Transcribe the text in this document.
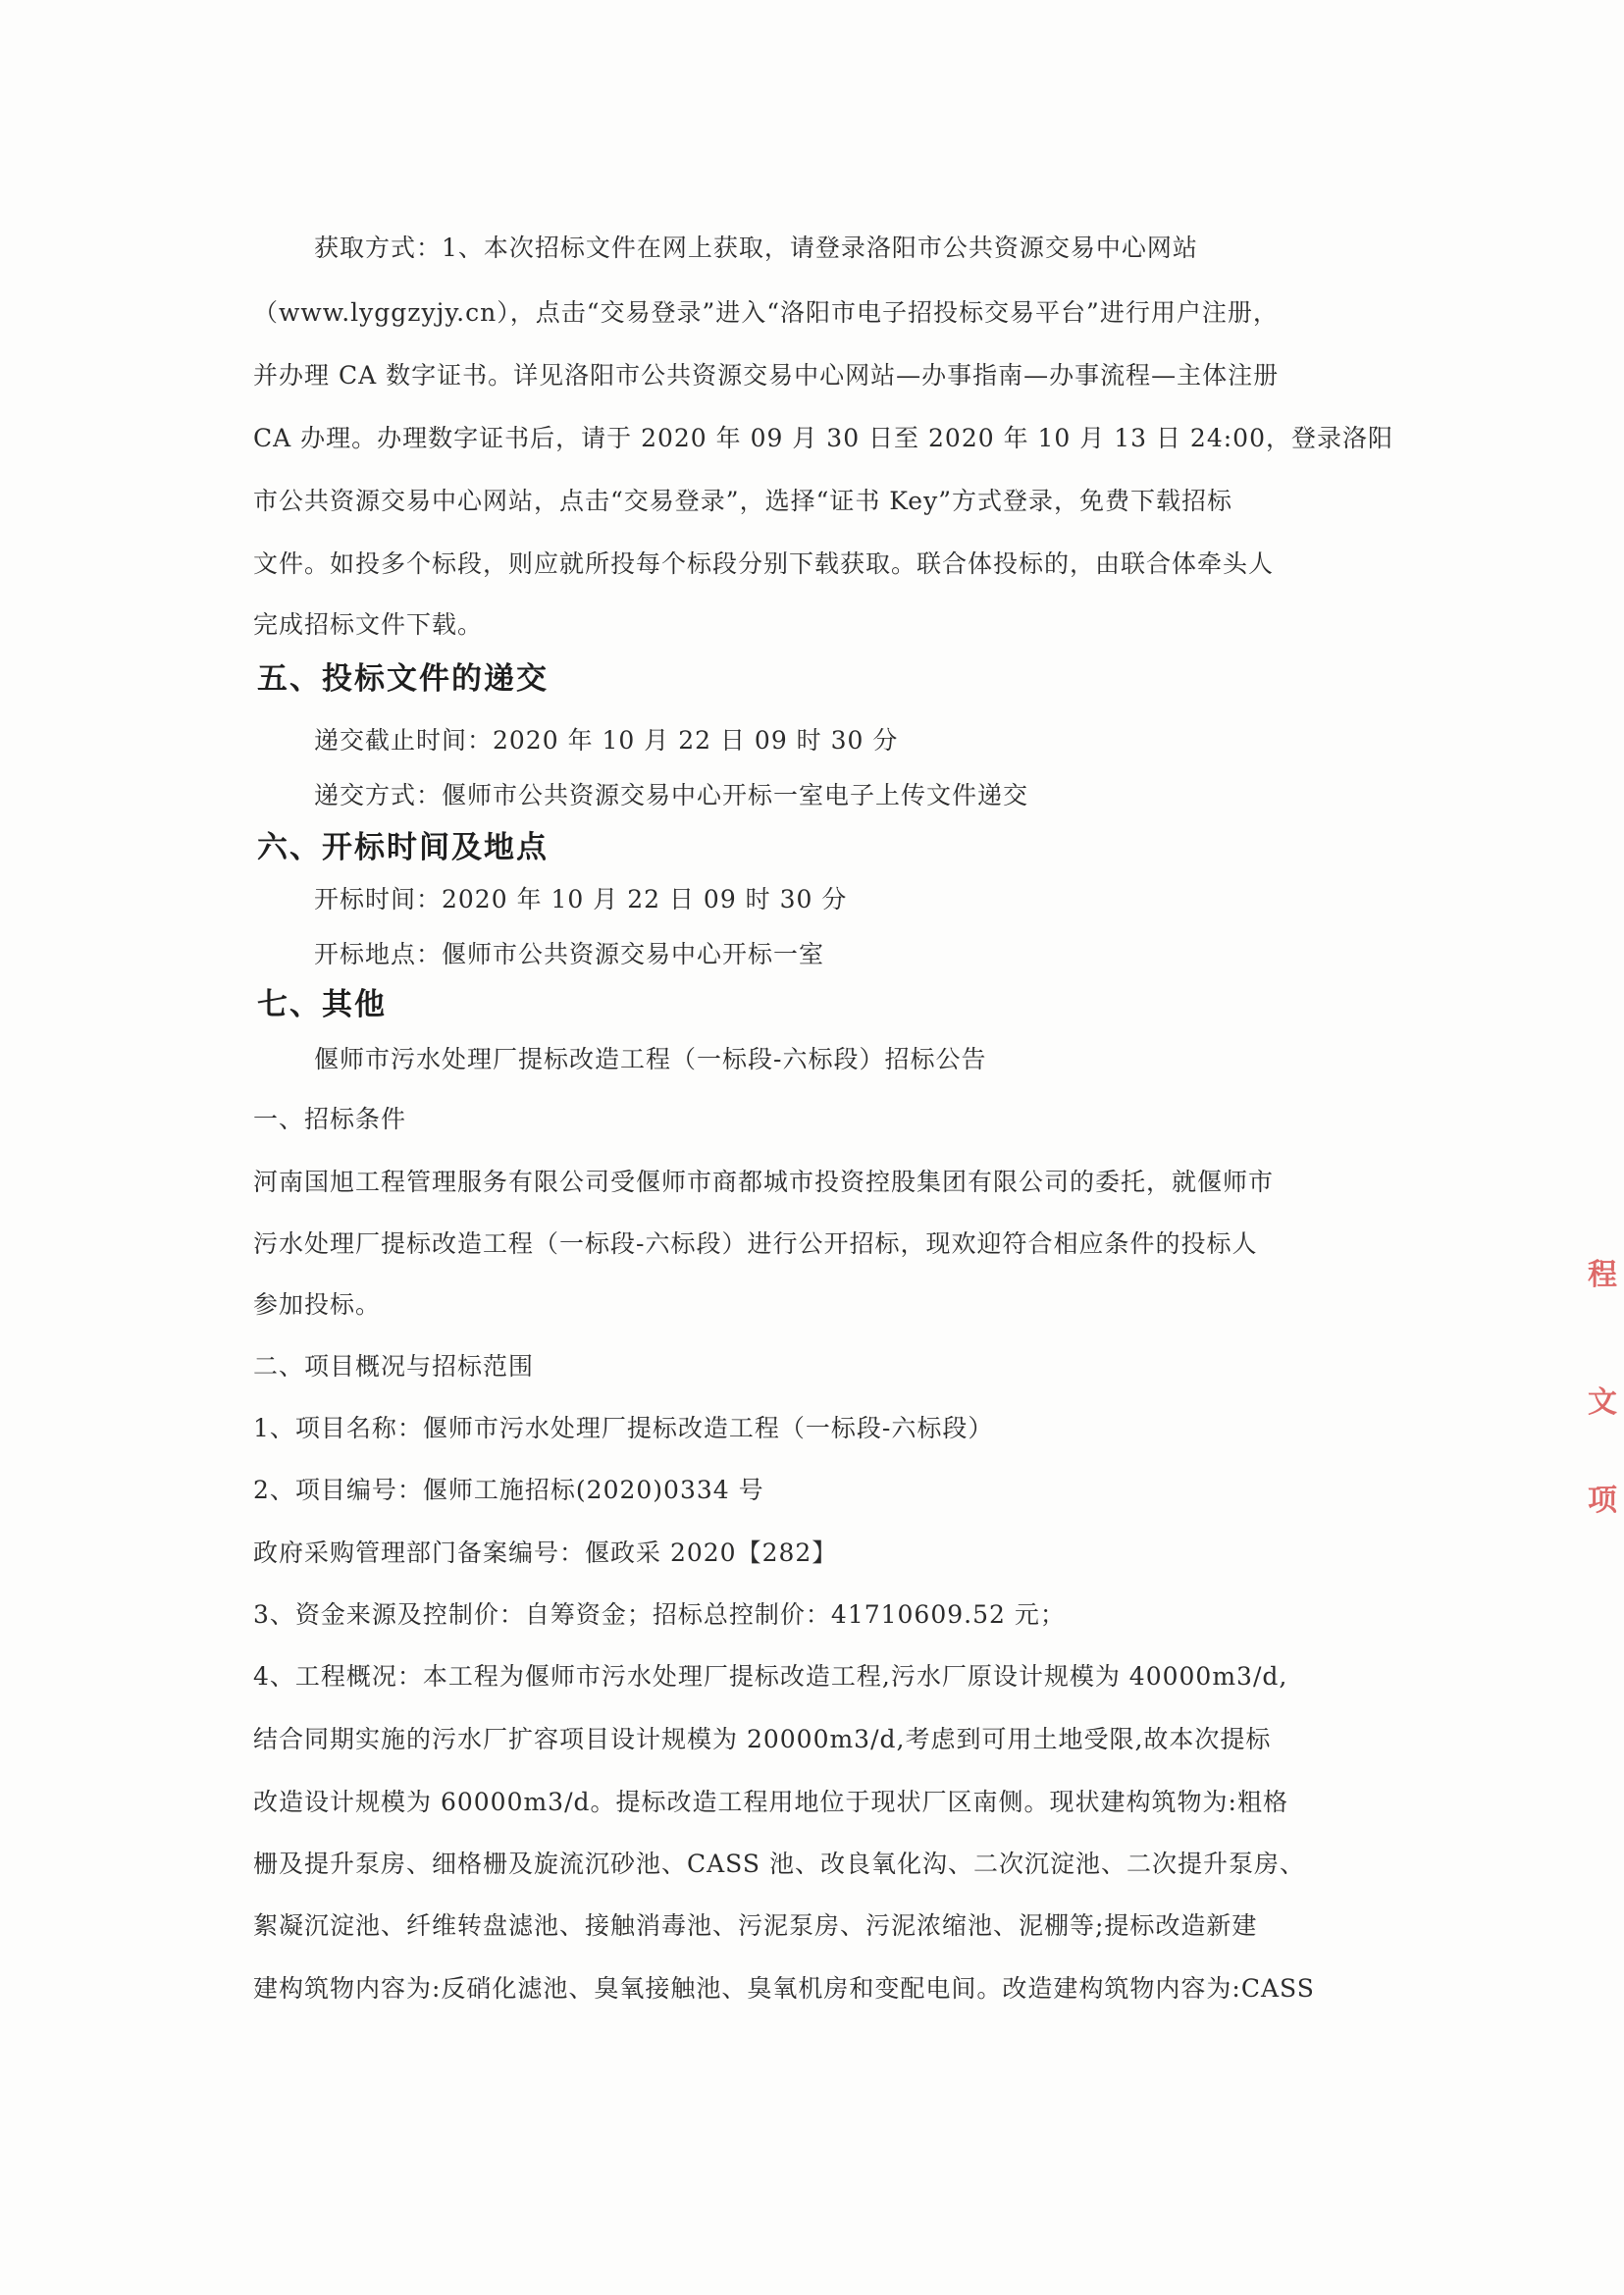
获取方式：1、本次招标文件在网上获取，请登录洛阳市公共资源交易中心网站
（www.lyggzyjy.cn），点击“交易登录”进入“洛阳市电子招投标交易平台”进行用户注册，
并办理 CA 数字证书。详见洛阳市公共资源交易中心网站—办事指南—办事流程—主体注册
CA 办理。办理数字证书后，请于 2020 年 09 月 30 日至 2020 年 10 月 13 日 24:00，登录洛阳
市公共资源交易中心网站，点击“交易登录”，选择“证书 Key”方式登录，免费下载招标
文件。如投多个标段，则应就所投每个标段分别下载获取。联合体投标的，由联合体牵头人
完成招标文件下载。
五、投标文件的递交
递交截止时间：2020 年 10 月 22 日 09 时 30 分
递交方式：偃师市公共资源交易中心开标一室电子上传文件递交
六、开标时间及地点
开标时间：2020 年 10 月 22 日 09 时 30 分
开标地点：偃师市公共资源交易中心开标一室
七、其他
偃师市污水处理厂提标改造工程（一标段-六标段）招标公告
一、招标条件
河南国旭工程管理服务有限公司受偃师市商都城市投资控股集团有限公司的委托，就偃师市
污水处理厂提标改造工程（一标段-六标段）进行公开招标，现欢迎符合相应条件的投标人
参加投标。
二、项目概况与招标范围
1、项目名称：偃师市污水处理厂提标改造工程（一标段-六标段）
2、项目编号：偃师工施招标(2020)0334 号
政府采购管理部门备案编号：偃政采 2020【282】
3、资金来源及控制价：自筹资金；招标总控制价：41710609.52 元；
4、工程概况：本工程为偃师市污水处理厂提标改造工程,污水厂原设计规模为 40000m3/d,
结合同期实施的污水厂扩容项目设计规模为 20000m3/d,考虑到可用土地受限,故本次提标
改造设计规模为 60000m3/d。提标改造工程用地位于现状厂区南侧。现状建构筑物为:粗格
栅及提升泵房、细格栅及旋流沉砂池、CASS 池、改良氧化沟、二次沉淀池、二次提升泵房、
絮凝沉淀池、纤维转盘滤池、接触消毒池、污泥泵房、污泥浓缩池、泥棚等;提标改造新建
建构筑物内容为:反硝化滤池、臭氧接触池、臭氧机房和变配电间。改造建构筑物内容为:CASS
程
文
项
